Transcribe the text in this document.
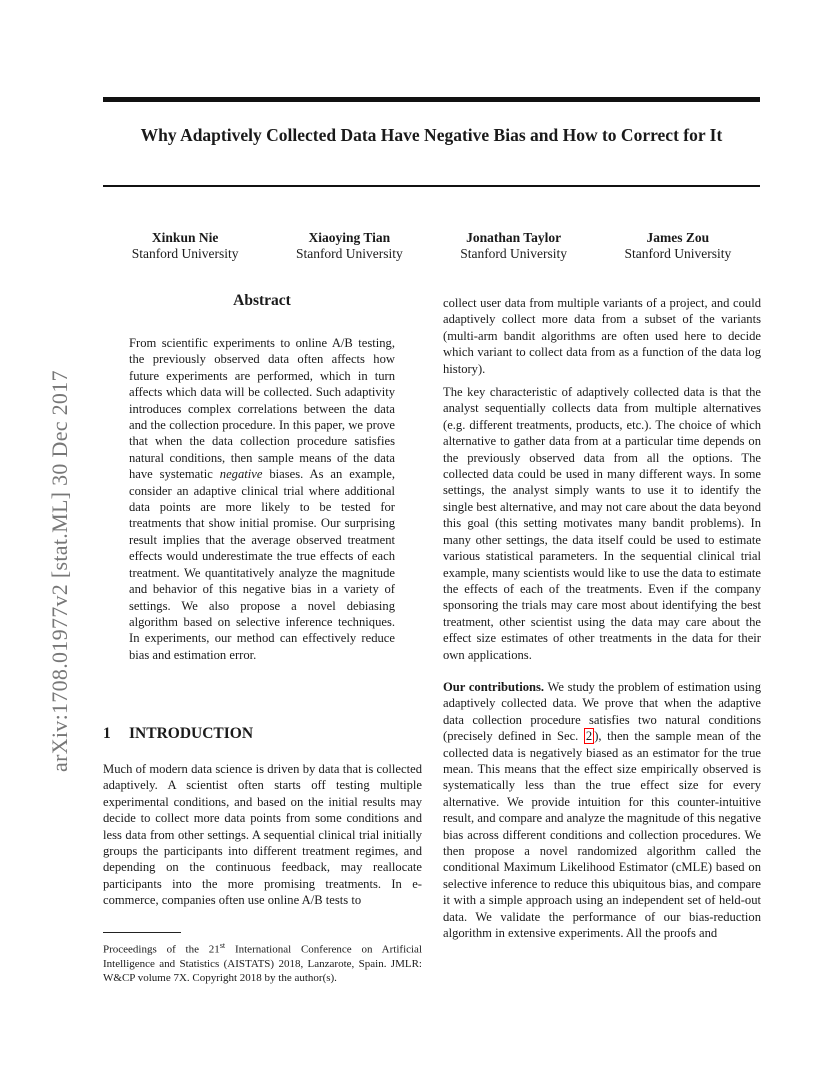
arXiv:1708.01977v2 [stat.ML] 30 Dec 2017
Why Adaptively Collected Data Have Negative Bias and How to Correct for It
Xinkun Nie
Stanford University
Xiaoying Tian
Stanford University
Jonathan Taylor
Stanford University
James Zou
Stanford University
Abstract
From scientific experiments to online A/B testing, the previously observed data often affects how future experiments are performed, which in turn affects which data will be collected. Such adaptivity introduces complex correlations between the data and the collection procedure. In this paper, we prove that when the data collection procedure satisfies natural conditions, then sample means of the data have systematic negative biases. As an example, consider an adaptive clinical trial where additional data points are more likely to be tested for treatments that show initial promise. Our surprising result implies that the average observed treatment effects would underestimate the true effects of each treatment. We quantitatively analyze the magnitude and behavior of this negative bias in a variety of settings. We also propose a novel debiasing algorithm based on selective inference techniques. In experiments, our method can effectively reduce bias and estimation error.
1 INTRODUCTION
Much of modern data science is driven by data that is collected adaptively. A scientist often starts off testing multiple experimental conditions, and based on the initial results may decide to collect more data points from some conditions and less data from other settings. A sequential clinical trial initially groups the participants into different treatment regimes, and depending on the continuous feedback, may reallocate participants into the more promising treatments. In e-commerce, companies often use online A/B tests to
Proceedings of the 21st International Conference on Artificial Intelligence and Statistics (AISTATS) 2018, Lanzarote, Spain. JMLR: W&CP volume 7X. Copyright 2018 by the author(s).

collect user data from multiple variants of a project, and could adaptively collect more data from a subset of the variants (multi-arm bandit algorithms are often used here to decide which variant to collect data from as a function of the data log history).

The key characteristic of adaptively collected data is that the analyst sequentially collects data from multiple alternatives (e.g. different treatments, products, etc.). The choice of which alternative to gather data from at a particular time depends on the previously observed data from all the options. The collected data could be used in many different ways. In some settings, the analyst simply wants to use it to identify the single best alternative, and may not care about the data beyond this goal (this setting motivates many bandit problems). In many other settings, the data itself could be used to estimate various statistical parameters. In the sequential clinical trial example, many scientists would like to use the data to estimate the effects of each of the treatments. Even if the company sponsoring the trials may care most about identifying the best treatment, other scientist using the data may care about the effect size estimates of other treatments in the data for their own applications.

Our contributions. We study the problem of estimation using adaptively collected data. We prove that when the adaptive data collection procedure satisfies two natural conditions (precisely defined in Sec. 2 ), then the sample mean of the collected data is negatively biased as an estimator for the true mean. This means that the effect size empirically observed is systematically less than the true effect size for every alternative. We provide intuition for this counter-intuitive result, and compare and analyze the magnitude of this negative bias across different conditions and collection procedures. We then propose a novel randomized algorithm called the conditional Maximum Likelihood Estimator (cMLE) based on selective inference to reduce this ubiquitous bias, and compare it with a simple approach using an independent set of held-out data. We validate the performance of our bias-reduction algorithm in extensive experiments. All the proofs and
